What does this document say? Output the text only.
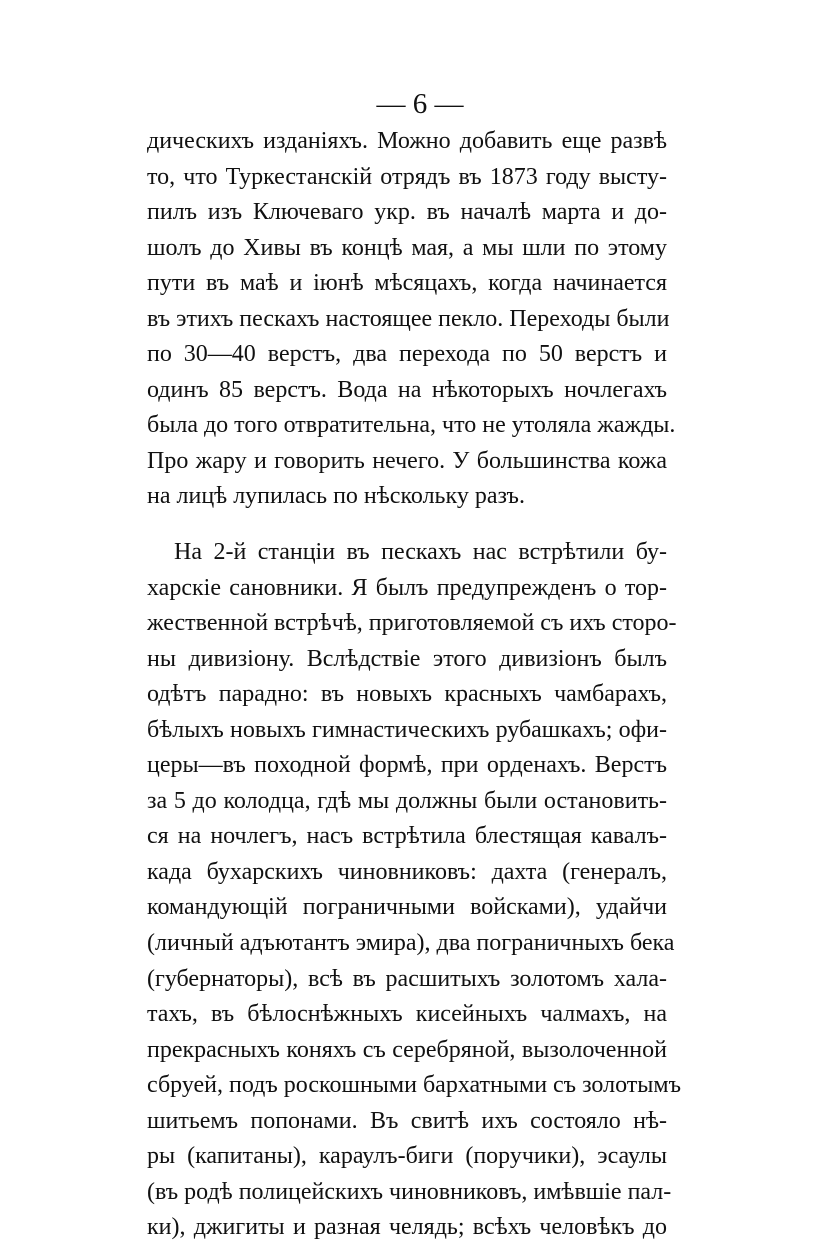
— 6 —
дическихъ изданіяхъ. Можно добавить еще развѣ
то, что Туркестанскій отрядъ въ 1873 году высту-
пилъ изъ Ключеваго укр. въ началѣ марта и до-
шолъ до Хивы въ концѣ мая, а мы шли по этому
пути въ маѣ и іюнѣ мѣсяцахъ, когда начинается
въ этихъ пескахъ настоящее пекло. Переходы были
по 30—40 верстъ, два перехода по 50 верстъ и
одинъ 85 верстъ. Вода на нѣкоторыхъ ночлегахъ
была до того отвратительна, что не утоляла жажды.
Про жару и говорить нечего. У большинства кожа
на лицѣ лупилась по нѣскольку разъ.
На 2-й станціи въ пескахъ нас встрѣтили бу-
харскіе сановники. Я былъ предупрежденъ о тор-
жественной встрѣчѣ, приготовляемой съ ихъ сторо-
ны дивизіону. Вслѣдствіе этого дивизіонъ былъ
одѣтъ парадно: въ новыхъ красныхъ чамбарахъ,
бѣлыхъ новыхъ гимнастическихъ рубашкахъ; офи-
церы—въ походной формѣ, при орденахъ. Верстъ
за 5 до колодца, гдѣ мы должны были остановить-
ся на ночлегъ, насъ встрѣтила блестящая кавалъ-
када бухарскихъ чиновниковъ: дахта (генералъ,
командующій пограничными войсками), удайчи
(личный адъютантъ эмира), два пограничныхъ бека
(губернаторы), всѣ въ расшитыхъ золотомъ хала-
тахъ, въ бѣлоснѣжныхъ кисейныхъ чалмахъ, на
прекрасныхъ коняхъ съ серебряной, вызолоченной
сбруей, подъ роскошными бархатными съ золотымъ
шитьемъ попонами. Въ свитѣ ихъ состояло нѣ-
ры (капитаны), караулъ-биги (поручики), эсаулы
(въ родѣ полицейскихъ чиновниковъ, имѣвшіе пал-
ки), джигиты и разная челядь; всѣхъ человѣкъ до
